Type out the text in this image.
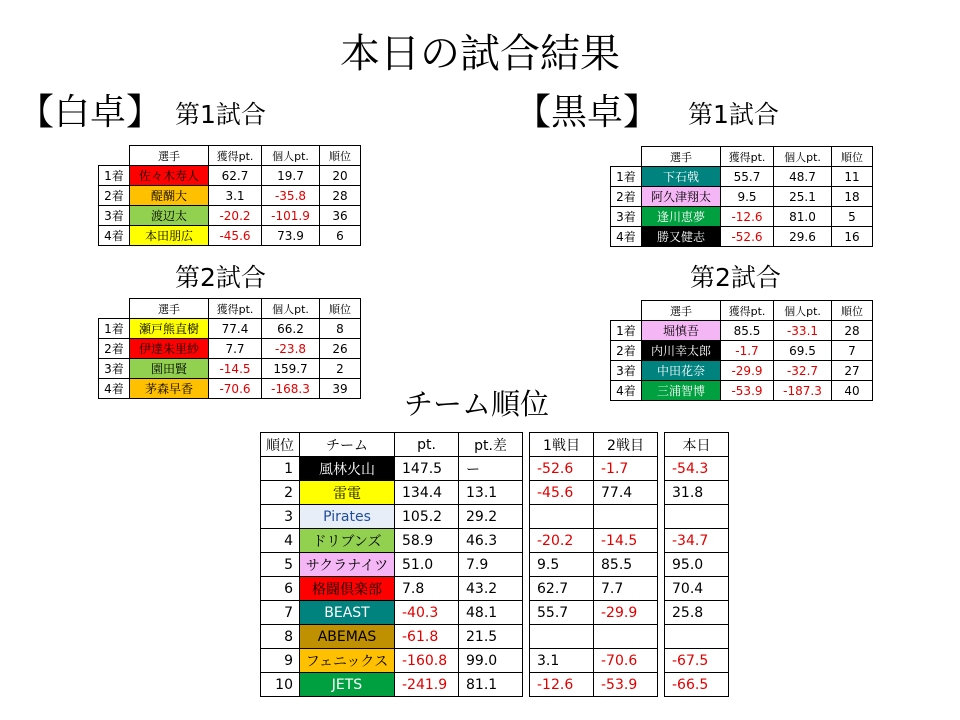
本日の試合結果
【白卓】 第1試合
第2試合
	選手	獲得pt.	個人pt.	順位
1着	佐々木寿人	62.7	19.7	20
2着	醍醐大	3.1	-35.8	28
3着	渡辺太	-20.2	-101.9	36
4着	本田朋広	-45.6	73.9	6
	選手	獲得pt.	個人pt.	順位
1着	瀬戸熊直樹	77.4	66.2	8
2着	伊達朱里紗	7.7	-23.8	26
3着	園田賢	-14.5	159.7	2
4着	茅森早香	-70.6	-168.3	39
【黒卓】 第1試合
第2試合
	選手	獲得pt.	個人pt.	順位
1着	下石戟	55.7	48.7	11
2着	阿久津翔太	9.5	25.1	18
3着	逢川恵夢	-12.6	81.0	5
4着	勝又健志	-52.6	29.6	16
	選手	獲得pt.	個人pt.	順位
1着	堀慎吾	85.5	-33.1	28
2着	内川幸太郎	-1.7	69.5	7
3着	中田花奈	-29.9	-32.7	27
4着	三浦智博	-53.9	-187.3	40
チーム順位
順位	チーム	pt.	pt.差		1戦目	2戦目		本日
1	風林火山	147.5	ー		-52.6	-1.7		-54.3
2	雷電	134.4	13.1		-45.6	77.4		31.8
3	Pirates	105.2	29.2					
4	ドリブンズ	58.9	46.3		-20.2	-14.5		-34.7
5	サクラナイツ	51.0	7.9		9.5	85.5		95.0
6	格闘倶楽部	7.8	43.2		62.7	7.7		70.4
7	BEAST	-40.3	48.1		55.7	-29.9		25.8
8	ABEMAS	-61.8	21.5					
9	フェニックス	-160.8	99.0		3.1	-70.6		-67.5
10	JETS	-241.9	81.1		-12.6	-53.9		-66.5
